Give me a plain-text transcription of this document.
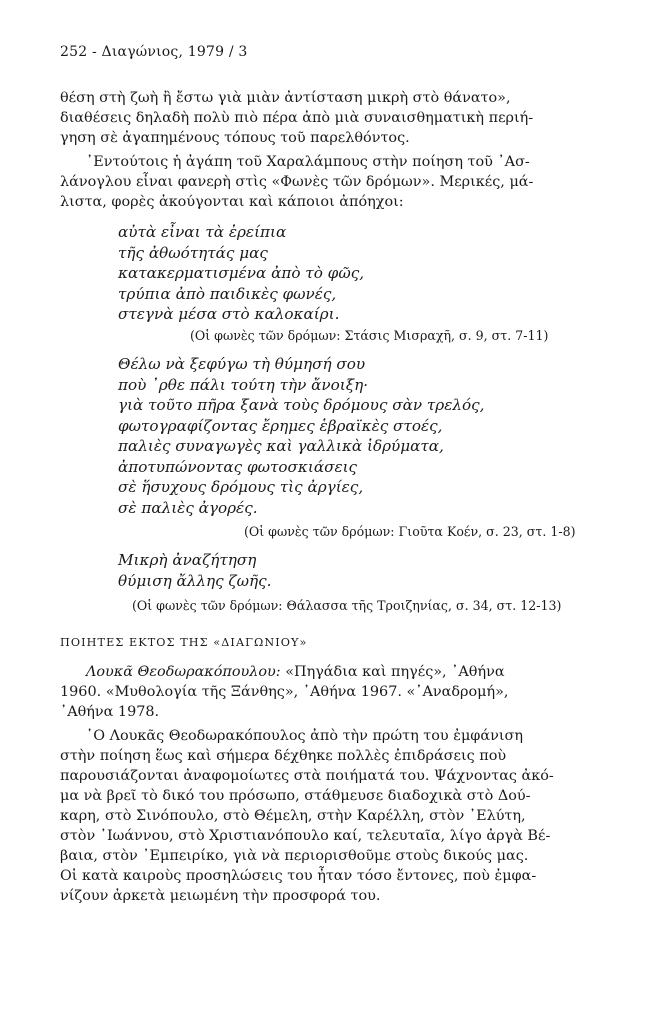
252 - Διαγώνιος, 1979 / 3

θέση στὴ ζωὴ ἢ ἔστω γιὰ μιὰν ἀντίσταση μικρὴ στὸ θάνατο»,
διαθέσεις δηλαδὴ πολὺ πιὸ πέρα ἀπὸ μιὰ συναισθηματικὴ περιή-
γηση σὲ ἀγαπημένους τόπους τοῦ παρελθόντος.

᾿Εντούτοις ἡ ἀγάπη τοῦ Χαραλάμπους στὴν ποίηση τοῦ ᾿Ασ-
λάνογλου εἶναι φανερὴ στὶς «Φωνὲς τῶν δρόμων». Μερικές, μά-
λιστα, φορὲς ἀκούγονται καὶ κάποιοι ἀπόηχοι:

αὐτὰ εἶναι τὰ ἐρείπια
τῆς ἀθωότητάς μας
κατακερματισμένα ἀπὸ τὸ φῶς,
τρύπια ἀπὸ παιδικὲς φωνές,
στεγνὰ μέσα στὸ καλοκαίρι.
(Οἱ φωνὲς τῶν δρόμων: Στάσις Μισραχῆ, σ. 9, στ. 7-11)
Θέλω νὰ ξεφύγω τὴ θύμησή σου
ποὺ ᾿ρθε πάλι τούτη τὴν ἄνοιξη·
γιὰ τοῦτο πῆρα ξανὰ τοὺς δρόμους σὰν τρελός,
φωτογραφίζοντας ἔρημες ἑβραϊκὲς στοές,
παλιὲς συναγωγὲς καὶ γαλλικὰ ἱδρύματα,
ἀποτυπώνοντας φωτοσκιάσεις
σὲ ἥσυχους δρόμους τὶς ἀργίες,
σὲ παλιὲς ἀγορές.
(Οἱ φωνὲς τῶν δρόμων: Γιοῦτα Κοέν, σ. 23, στ. 1-8)
Μικρὴ ἀναζήτηση
θύμιση ἄλλης ζωῆς.
(Οἱ φωνὲς τῶν δρόμων: Θάλασσα τῆς Τροιζηνίας, σ. 34, στ. 12-13)
ΠΟΙΗΤΕΣ ΕΚΤΟΣ ΤΗΣ «ΔΙΑΓΩΝΙΟΥ»

Λουκᾶ Θεοδωρακόπουλου: «Πηγάδια καὶ πηγές», ᾿Αθήνα
1960. «Μυθολογία τῆς Ξάνθης», ᾿Αθήνα 1967. «᾿Αναδρομή»,
᾿Αθήνα 1978.

῾Ο Λουκᾶς Θεοδωρακόπουλος ἀπὸ τὴν πρώτη του ἐμφάνιση
στὴν ποίηση ἕως καὶ σήμερα δέχθηκε πολλὲς ἐπιδράσεις ποὺ
παρουσιάζονται ἀναφομοίωτες στὰ ποιήματά του. Ψάχνοντας ἀκό-
μα νὰ βρεῖ τὸ δικό του πρόσωπο, στάθμευσε διαδοχικὰ στὸ Δού-
καρη, στὸ Σινόπουλο, στὸ Θέμελη, στὴν Καρέλλη, στὸν ᾿Ελύτη,
στὸν ᾿Ιωάννου, στὸ Χριστιανόπουλο καί, τελευταῖα, λίγο ἀργὰ Βέ-
βαια, στὸν ᾿Εμπειρίκο, γιὰ νὰ περιορισθοῦμε στοὺς δικούς μας.
Οἱ κατὰ καιροὺς προσηλώσεις του ἦταν τόσο ἔντονες, ποὺ ἐμφα-
νίζουν ἀρκετὰ μειωμένη τὴν προσφορά του.
